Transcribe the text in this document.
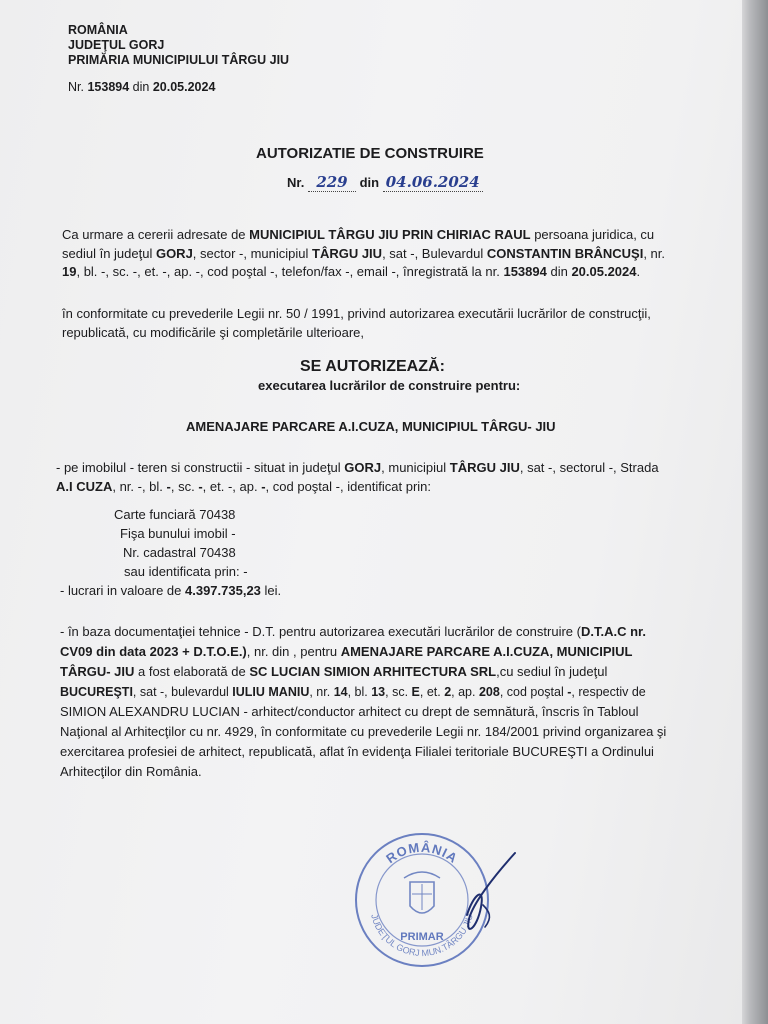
ROMÂNIA
JUDEŢUL GORJ
PRIMĂRIA MUNICIPIULUI TÂRGU JIU
Nr. 153894 din 20.05.2024
AUTORIZATIE DE CONSTRUIRE
Nr. 229 din 04.06.2024
Ca urmare a cererii adresate de MUNICIPIUL TÂRGU JIU PRIN CHIRIAC RAUL persoana juridica, cu
sediul în judeţul GORJ, sector -, municipiul TÂRGU JIU, sat -, Bulevardul CONSTANTIN BRÂNCUŞI, nr.
19, bl. -, sc. -, et. -, ap. -, cod poştal -, telefon/fax -, email -, înregistrată la nr. 153894 din 20.05.2024.
în conformitate cu prevederile Legii nr. 50 / 1991, privind autorizarea executării lucrărilor de construcţii,
republicată, cu modificările şi completările ulterioare,
SE AUTORIZEAZĂ:
executarea lucrărilor de construire pentru:
AMENAJARE PARCARE A.I.CUZA, MUNICIPIUL TÂRGU- JIU
- pe imobilul - teren si constructii - situat in judeţul GORJ, municipiul TÂRGU JIU, sat -, sectorul -, Strada
A.I CUZA, nr. -, bl. -, sc. -, et. -, ap. -, cod poştal -, identificat prin:
Carte funciară 70438
Fişa bunului imobil -
Nr. cadastral 70438
sau identificata prin: -
- lucrari in valoare de 4.397.735,23 lei.
- în baza documentaţiei tehnice - D.T. pentru autorizarea executări lucrărilor de construire (D.T.A.C nr.
CV09 din data 2023 + D.T.O.E.), nr. din , pentru AMENAJARE PARCARE A.I.CUZA, MUNICIPIUL
TÂRGU- JIU a fost elaborată de SC LUCIAN SIMION ARHITECTURA SRL,cu sediul în judeţul
BUCUREŞTI, sat -, bulevardul IULIU MANIU, nr. 14, bl. 13, sc. E, et. 2, ap. 208, cod poştal -, respectiv de
SIMION ALEXANDRU LUCIAN - arhitect/conductor arhitect cu drept de semnătură, înscris în Tabloul
Naţional al Arhitecţilor cu nr. 4929, în conformitate cu prevederile Legii nr. 184/2001 privind organizarea şi
exercitarea profesiei de arhitect, republicată, aflat în evidenţa Filialei teritoriale BUCUREŞTI a Ordinului
Arhitecţilor din România.
ROMÂNIA
JUDEŢUL GORJ MUN.TÂRGU JIU
PRIMAR
